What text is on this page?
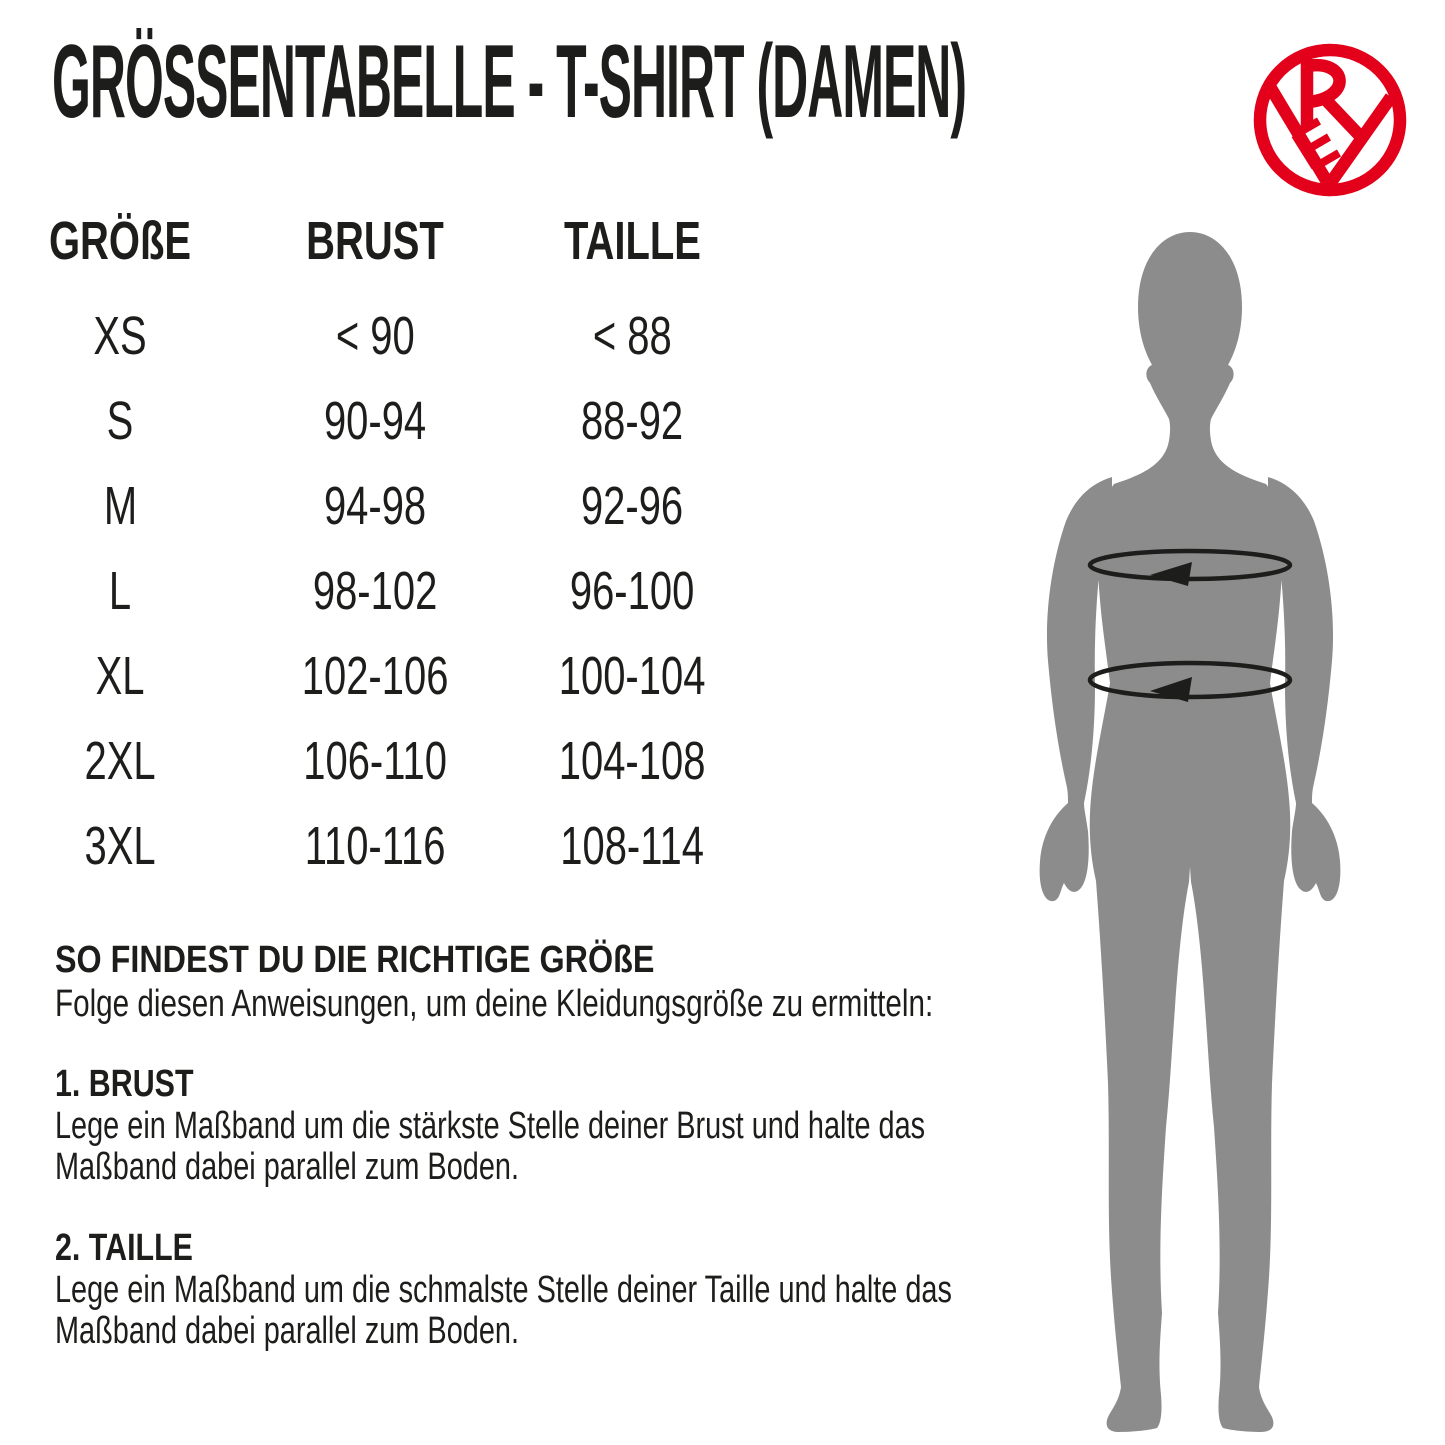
GRÖSSENTABELLE - T-SHIRT (DAMEN)
GRÖßE BRUST TAILLE
XS	< 90	< 88
S	90-94	88-92
M	94-98	92-96
L	98-102 96-100
XL	102-106 100-104
2XL	106-110 104-108
3XL	110-116 108-114
SO FINDEST DU DIE RICHTIGE GRÖßE
Folge diesen Anweisungen, um deine Kleidungsgröße zu ermitteln:
1. BRUST
Lege ein Maßband um die stärkste Stelle deiner Brust und halte das Maßband dabei parallel zum Boden.
2. TAILLE
Lege ein Maßband um die schmalste Stelle deiner Taille und halte das Maßband dabei parallel zum Boden.
